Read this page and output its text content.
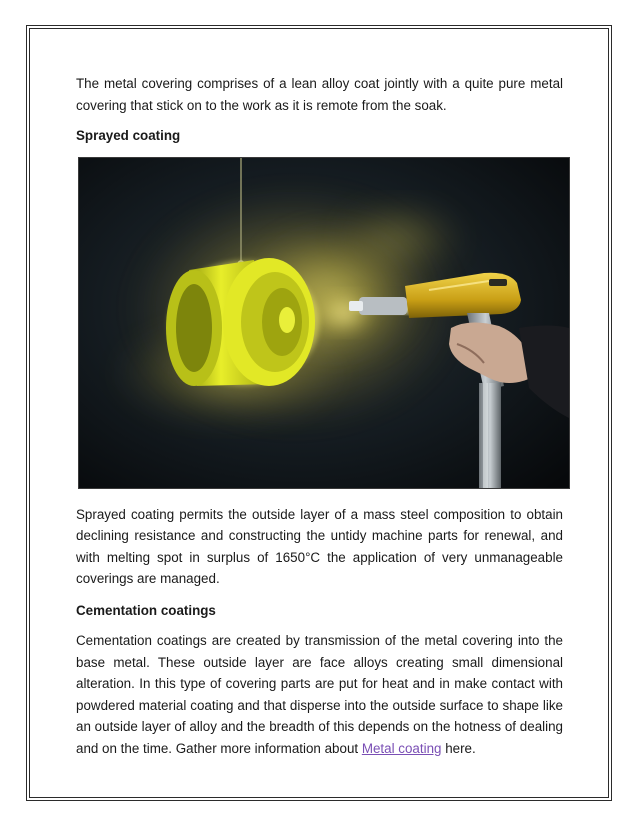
The metal covering comprises of a lean alloy coat jointly with a quite pure metal covering that stick on to the work as it is remote from the soak.

Sprayed coating

Sprayed coating permits the outside layer of a mass steel composition to obtain declining resistance and constructing the untidy machine parts for renewal, and with melting spot in surplus of 1650°C the application of very unmanageable coverings are managed.

Cementation coatings

Cementation coatings are created by transmission of the metal covering into the base metal. These outside layer are face alloys creating small dimensional alteration. In this type of covering parts are put for heat and in make contact with powdered material coating and that disperse into the outside surface to shape like an outside layer of alloy and the breadth of this depends on the hotness of dealing and on the time. Gather more information about Metal coating here.
